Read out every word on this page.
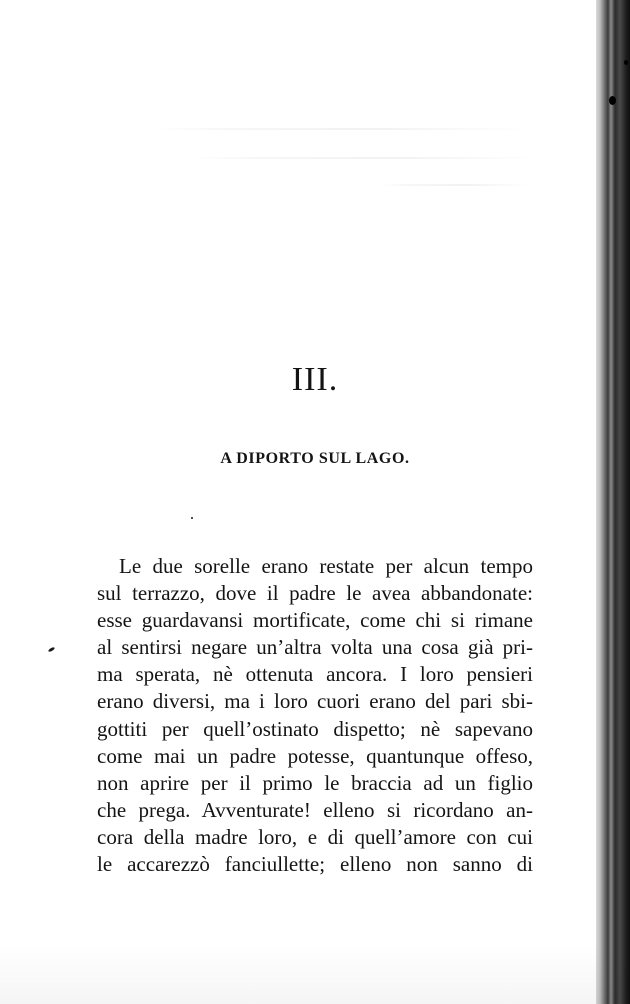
III.
A DIPORTO SUL LAGO.
Le due sorelle erano restate per alcun tempo
sul terrazzo, dove il padre le avea abbandonate:
esse guardavansi mortificate, come chi si rimane
al sentirsi negare un’altra volta una cosa già pri-
ma sperata, nè ottenuta ancora. I loro pensieri
erano diversi, ma i loro cuori erano del pari sbi-
gottiti per quell’ostinato dispetto; nè sapevano
come mai un padre potesse, quantunque offeso,
non aprire per il primo le braccia ad un figlio
che prega. Avventurate! elleno si ricordano an-
cora della madre loro, e di quell’amore con cui
le accarezzò fanciullette; elleno non sanno di
